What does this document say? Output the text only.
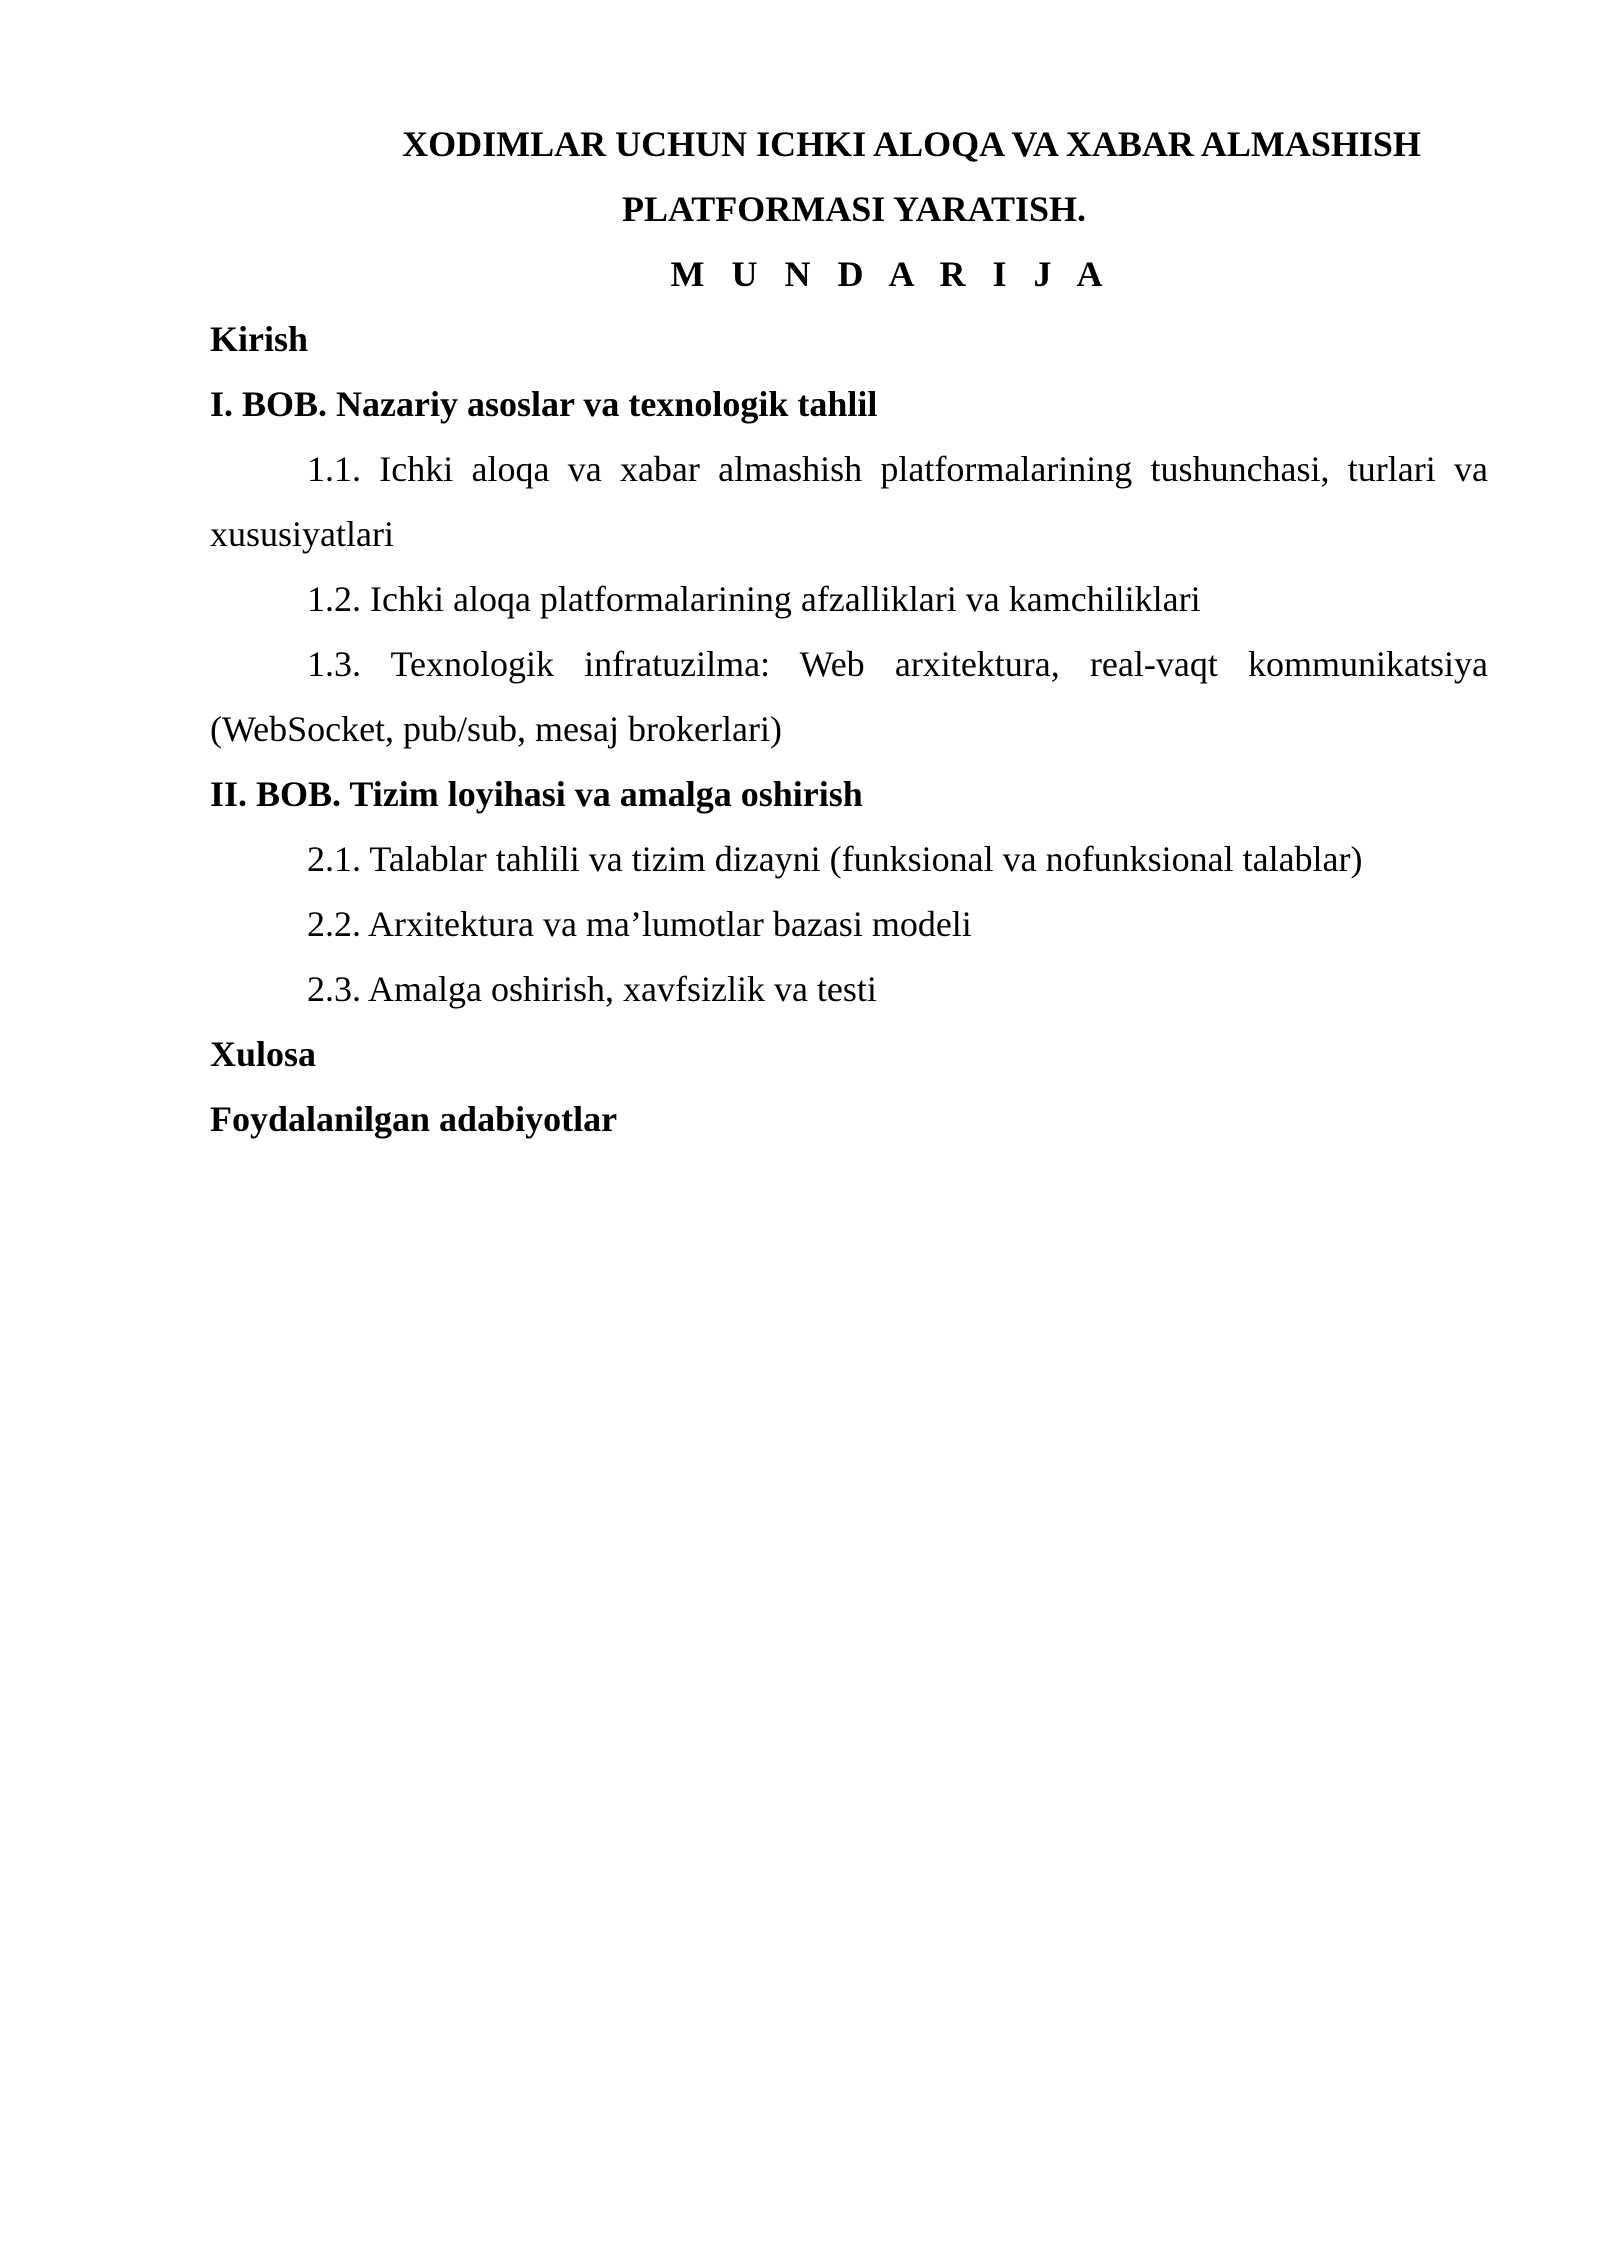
XODIMLAR UCHUN ICHKI ALOQA VA XABAR ALMASHISH
PLATFORMASI YARATISH.
M U N D A R I J A
Kirish
I. BOB. Nazariy asoslar va texnologik tahlil
1.1. Ichki aloqa va xabar almashish platformalarining tushunchasi, turlari va
xususiyatlari
1.2. Ichki aloqa platformalarining afzalliklari va kamchiliklari
1.3. Texnologik infratuzilma: Web arxitektura, real-vaqt kommunikatsiya
(WebSocket, pub/sub, mesaj brokerlari)
II. BOB. Tizim loyihasi va amalga oshirish
2.1. Talablar tahlili va tizim dizayni (funksional va nofunksional talablar)
2.2. Arxitektura va ma’lumotlar bazasi modeli
2.3. Amalga oshirish, xavfsizlik va testi
Xulosa
Foydalanilgan adabiyotlar
